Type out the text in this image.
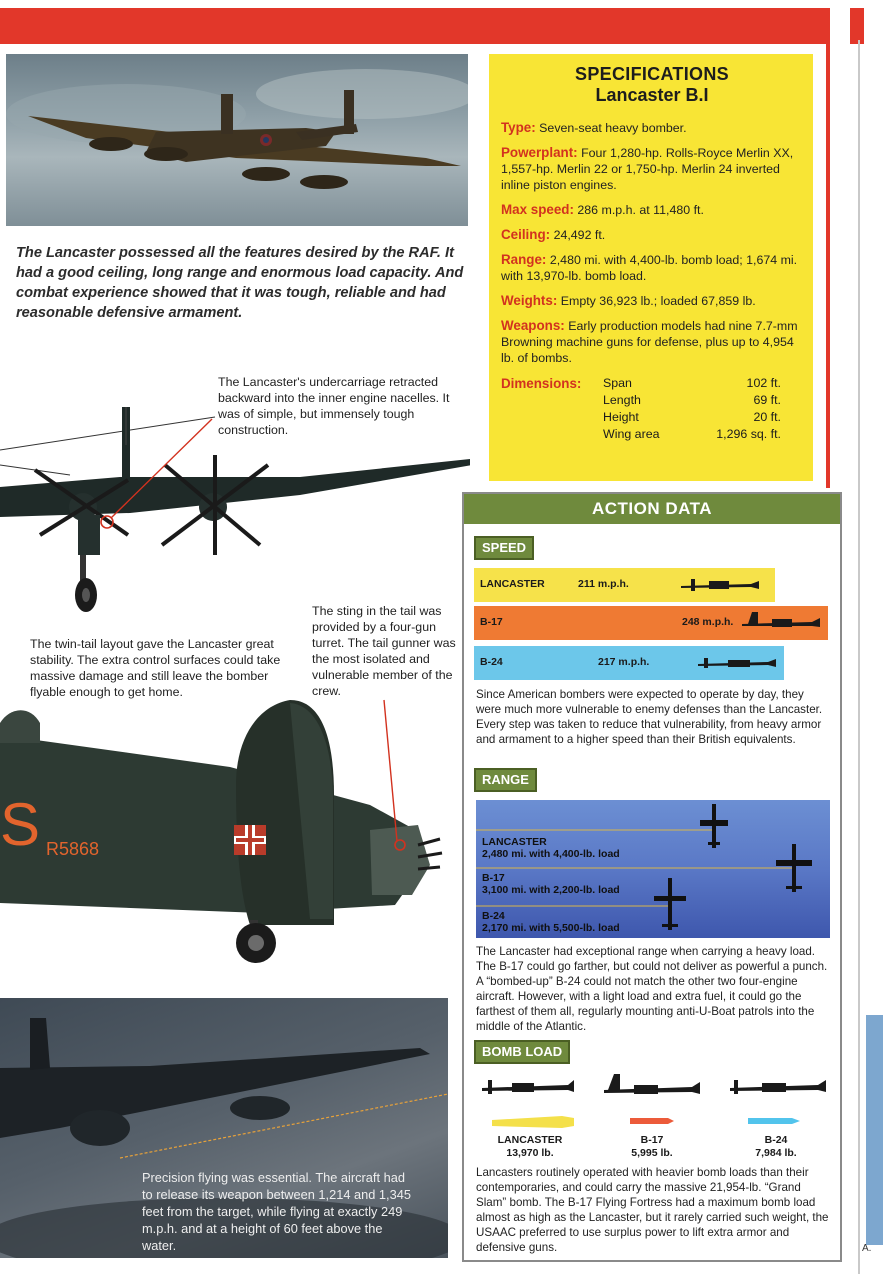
A.
The Lancaster possessed all the features desired by the RAF. It had a good ceiling, long range and enormous load capacity. And combat experience showed that it was tough, reliable and had reasonable defensive armament.
The Lancaster's undercarriage retracted backward into the inner engine nacelles. It was of simple, but immensely tough construction.
The sting in the tail was provided by a four-gun turret. The tail gunner was the most isolated and vulnerable member of the crew.
The twin-tail layout gave the Lancaster great stability. The extra control surfaces could take massive damage and still leave the bomber flyable enough to get home.
S R5868
Precision flying was essential. The aircraft had to release its weapon between 1,214 and 1,345 feet from the target, while flying at exactly 249 m.p.h. and at a height of 60 feet above the water.
SPECIFICATIONS
Lancaster B.I
Type: Seven-seat heavy bomber.
Powerplant: Four 1,280-hp. Rolls-Royce Merlin XX, 1,557-hp. Merlin 22 or 1,750-hp. Merlin 24 inverted inline piston engines.
Max speed: 286 m.p.h. at 11,480 ft.
Ceiling: 24,492 ft.
Range: 2,480 mi. with 4,400-lb. bomb load; 1,674 mi. with 13,970-lb. bomb load.
Weights: Empty 36,923 lb.; loaded 67,859 lb.
Weapons: Early production models had nine 7.7-mm Browning machine guns for defense, plus up to 4,954 lb. of bombs.
Dimensions:	Span	102 ft.
Length	69 ft.
Height	20 ft.
Wing area	1,296 sq. ft.
ACTION DATA
SPEED
LANCASTER	211 m.p.h.
B-17	248 m.p.h.
B-24	217 m.p.h.
Since American bombers were expected to operate by day, they were much more vulnerable to enemy defenses than the Lancaster. Every step was taken to reduce that vulnerability, from heavy armor and armament to a higher speed than their British equivalents.
RANGE
LANCASTER
2,480 mi. with 4,400-lb. load
B-17
3,100 mi. with 2,200-lb. load
B-24
2,170 mi. with 5,500-lb. load
The Lancaster had exceptional range when carrying a heavy load. The B-17 could go farther, but could not deliver as powerful a punch. A “bombed-up” B-24 could not match the other two four-engine aircraft. However, with a light load and extra fuel, it could go the farthest of them all, regularly mounting anti-U-Boat patrols into the middle of the Atlantic.
BOMB LOAD
LANCASTER
13,970 lb.
B-17
5,995 lb.
B-24
7,984 lb.
Lancasters routinely operated with heavier bomb loads than their contemporaries, and could carry the massive 21,954-lb. “Grand Slam” bomb. The B-17 Flying Fortress had a maximum bomb load almost as high as the Lancaster, but it rarely carried such weight, the USAAC preferred to use surplus power to lift extra armor and defensive guns.
